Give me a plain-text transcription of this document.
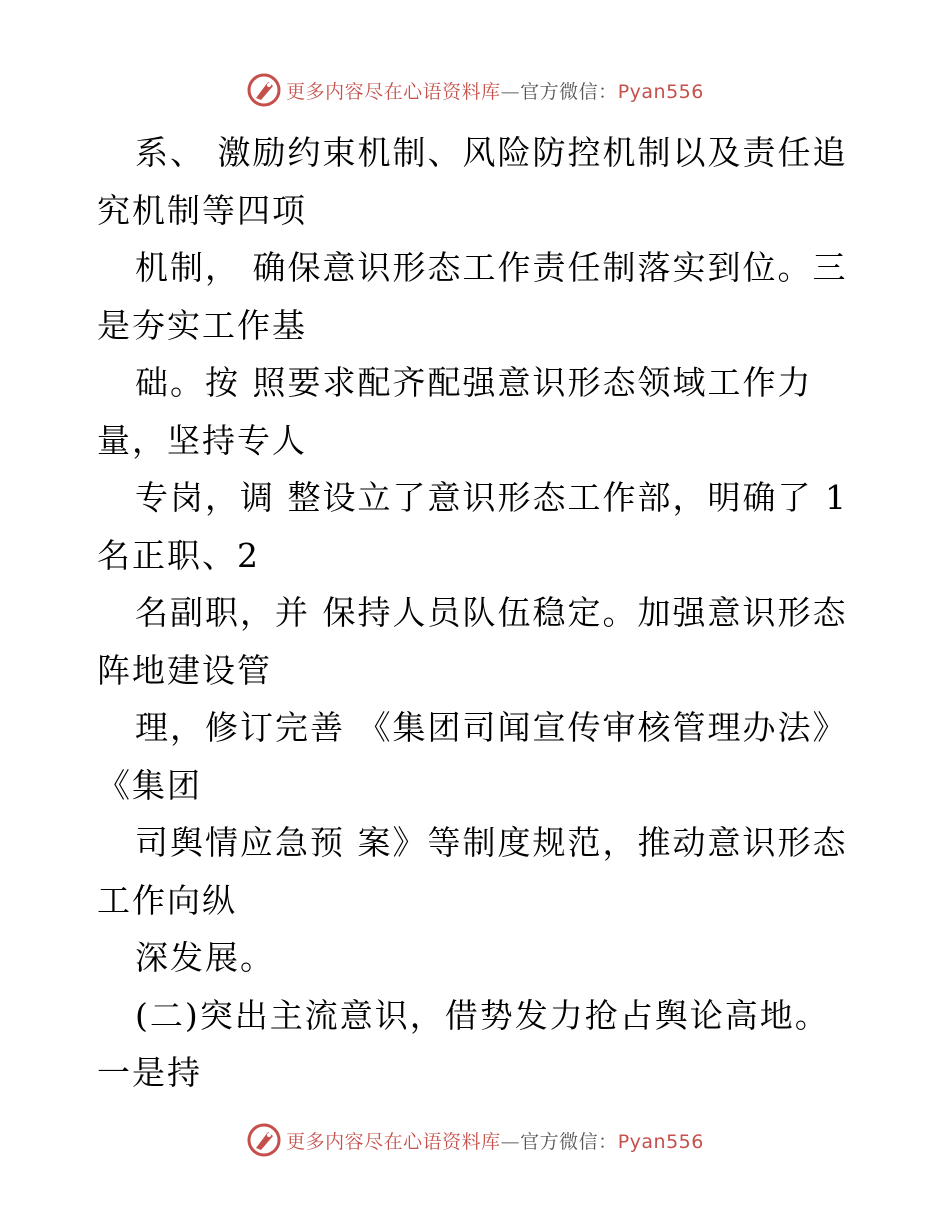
更多内容尽在心语资料库—官方微信：Pyan556
系、 激励约束机制、风险防控机制以及责任追
究机制等四项
机制， 确保意识形态工作责任制落实到位。三
是夯实工作基
础。按 照要求配齐配强意识形态领域工作力
量，坚持专人
专岗，调 整设立了意识形态工作部，明确了 1
名正职、2
名副职，并 保持人员队伍稳定。加强意识形态
阵地建设管
理，修订完善 《集团司闻宣传审核管理办法》
《集团
司舆情应急预 案》等制度规范，推动意识形态
工作向纵
深发展。
(二)突出主流意识，借势发力抢占舆论高地。
一是持
更多内容尽在心语资料库—官方微信：Pyan556
